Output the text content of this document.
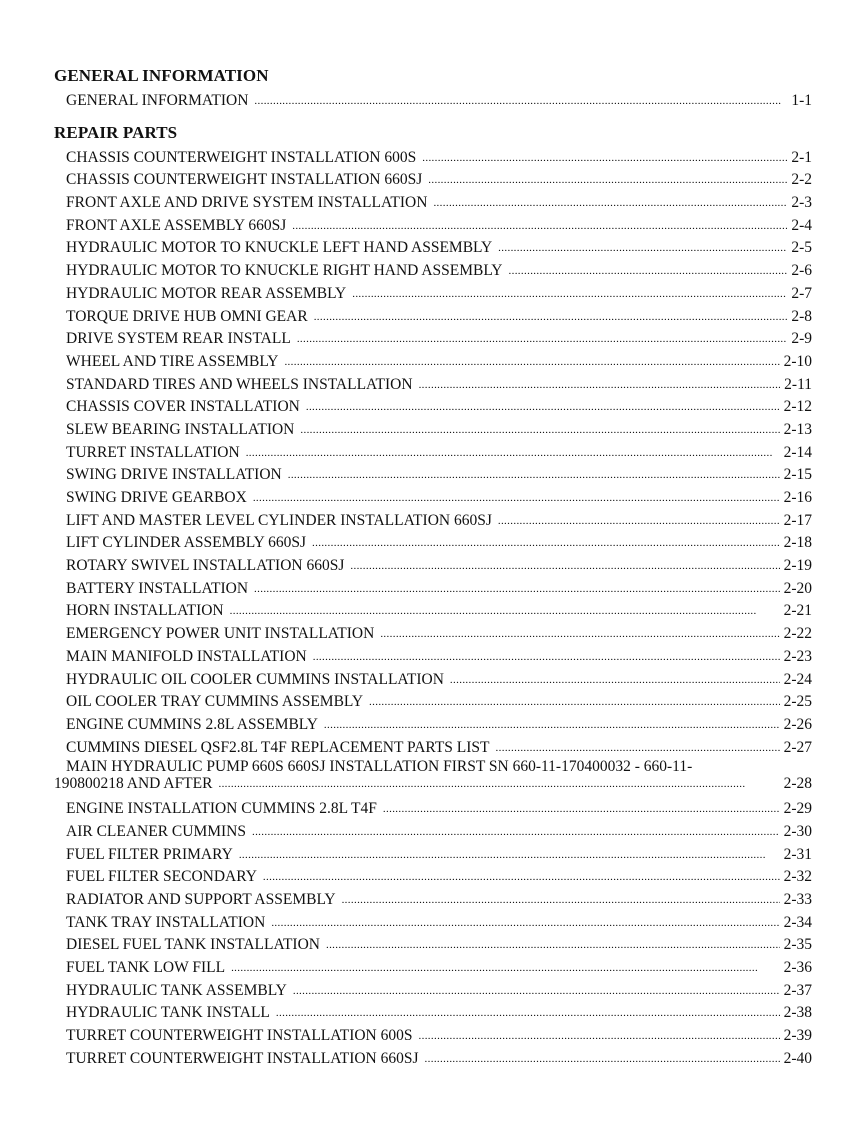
GENERAL INFORMATION
GENERAL INFORMATION . . .	1-1
REPAIR PARTS
CHASSIS COUNTERWEIGHT INSTALLATION 600S . . .	2-1
CHASSIS COUNTERWEIGHT INSTALLATION 660SJ . . .	2-2
FRONT AXLE AND DRIVE SYSTEM INSTALLATION . . .	2-3
FRONT AXLE ASSEMBLY 660SJ . . .	2-4
HYDRAULIC MOTOR TO KNUCKLE LEFT HAND ASSEMBLY . . .	2-5
HYDRAULIC MOTOR TO KNUCKLE RIGHT HAND ASSEMBLY . . .	2-6
HYDRAULIC MOTOR REAR ASSEMBLY . . .	2-7
TORQUE DRIVE HUB OMNI GEAR . . .	2-8
DRIVE SYSTEM REAR INSTALL . . .	2-9
WHEEL AND TIRE ASSEMBLY . . .	2-10
STANDARD TIRES AND WHEELS INSTALLATION . . .	2-11
CHASSIS COVER INSTALLATION . . .	2-12
SLEW BEARING INSTALLATION . . .	2-13
TURRET INSTALLATION . . .	2-14
SWING DRIVE INSTALLATION . . .	2-15
SWING DRIVE GEARBOX . . .	2-16
LIFT AND MASTER LEVEL CYLINDER INSTALLATION 660SJ . . .	2-17
LIFT CYLINDER ASSEMBLY 660SJ . . .	2-18
ROTARY SWIVEL INSTALLATION 660SJ . . .	2-19
BATTERY INSTALLATION . . .	2-20
HORN INSTALLATION . . .	2-21
EMERGENCY POWER UNIT INSTALLATION . . .	2-22
MAIN MANIFOLD INSTALLATION . . .	2-23
HYDRAULIC OIL COOLER CUMMINS INSTALLATION . . .	2-24
OIL COOLER TRAY CUMMINS ASSEMBLY . . .	2-25
ENGINE CUMMINS 2.8L ASSEMBLY . . .	2-26
CUMMINS DIESEL QSF2.8L T4F REPLACEMENT PARTS LIST . . .	2-27
MAIN HYDRAULIC PUMP 660S 660SJ INSTALLATION FIRST SN 660-11-170400032 - 660-11-
190800218 AND AFTER . . .	2-28
ENGINE INSTALLATION CUMMINS 2.8L T4F . . .	2-29
AIR CLEANER CUMMINS . . .	2-30
FUEL FILTER PRIMARY . . .	2-31
FUEL FILTER SECONDARY . . .	2-32
RADIATOR AND SUPPORT ASSEMBLY . . .	2-33
TANK TRAY INSTALLATION . . .	2-34
DIESEL FUEL TANK INSTALLATION . . .	2-35
FUEL TANK LOW FILL . . .	2-36
HYDRAULIC TANK ASSEMBLY . . .	2-37
HYDRAULIC TANK INSTALL . . .	2-38
TURRET COUNTERWEIGHT INSTALLATION 600S . . .	2-39
TURRET COUNTERWEIGHT INSTALLATION 660SJ . . .	2-40
